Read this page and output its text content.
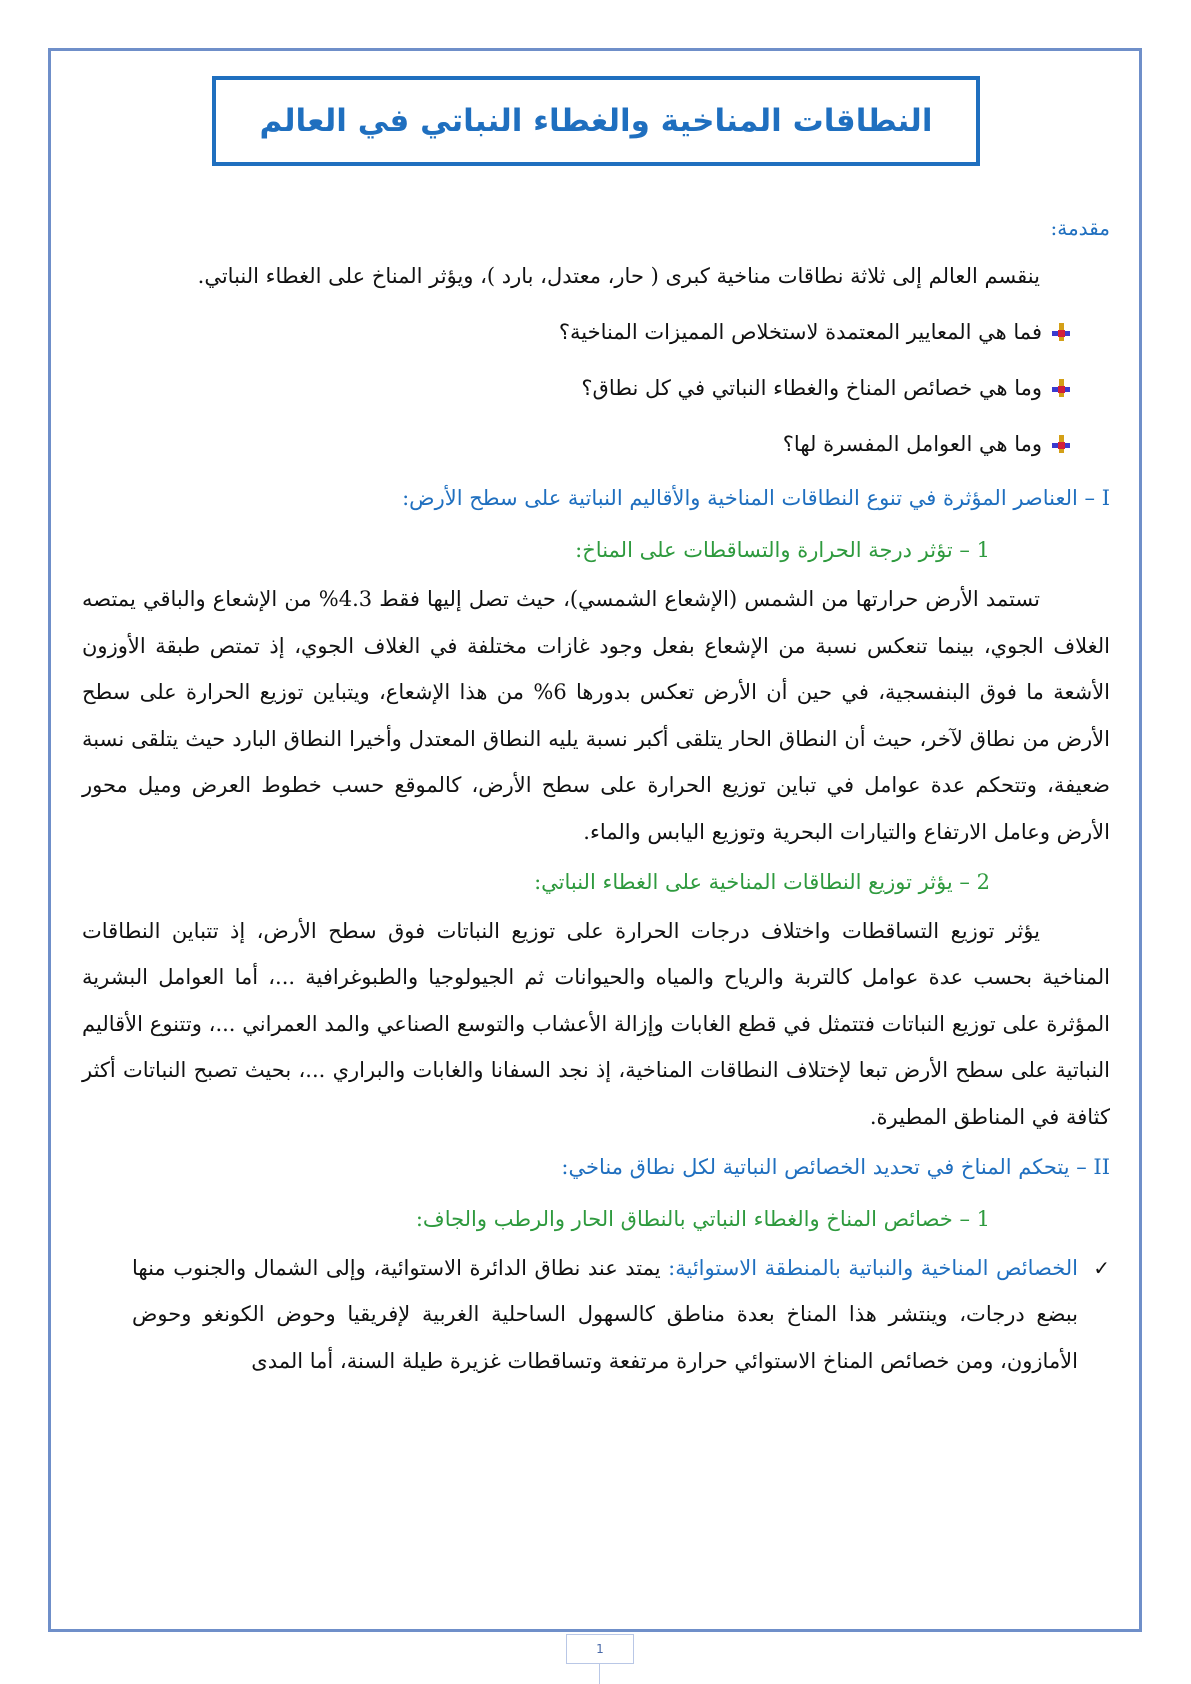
النطاقات المناخية والغطاء النباتي في العالم
مقدمة:
ينقسم العالم إلى ثلاثة نطاقات مناخية كبرى ( حار، معتدل، بارد )، ويؤثر المناخ على الغطاء النباتي.
فما هي المعايير المعتمدة لاستخلاص المميزات المناخية؟
وما هي خصائص المناخ والغطاء النباتي في كل نطاق؟
وما هي العوامل المفسرة لها؟
I – العناصر المؤثرة في تنوع النطاقات المناخية والأقاليم النباتية على سطح الأرض:
1 – تؤثر درجة الحرارة والتساقطات على المناخ:
تستمد الأرض حرارتها من الشمس (الإشعاع الشمسي)، حيث تصل إليها فقط 4.3% من الإشعاع والباقي يمتصه الغلاف الجوي، بينما تنعكس نسبة من الإشعاع بفعل وجود غازات مختلفة في الغلاف الجوي، إذ تمتص طبقة الأوزون الأشعة ما فوق البنفسجية، في حين أن الأرض تعكس بدورها 6% من هذا الإشعاع، ويتباين توزيع الحرارة على سطح الأرض من نطاق لآخر، حيث أن النطاق الحار يتلقى أكبر نسبة يليه النطاق المعتدل وأخيرا النطاق البارد حيث يتلقى نسبة ضعيفة، وتتحكم عدة عوامل في تباين توزيع الحرارة على سطح الأرض، كالموقع حسب خطوط العرض وميل محور الأرض وعامل الارتفاع والتيارات البحرية وتوزيع اليابس والماء.
2 – يؤثر توزيع النطاقات المناخية على الغطاء النباتي:
يؤثر توزيع التساقطات واختلاف درجات الحرارة على توزيع النباتات فوق سطح الأرض، إذ تتباين النطاقات المناخية بحسب عدة عوامل كالتربة والرياح والمياه والحيوانات ثم الجيولوجيا والطبوغرافية ...، أما العوامل البشرية المؤثرة على توزيع النباتات فتتمثل في قطع الغابات وإزالة الأعشاب والتوسع الصناعي والمد العمراني ...، وتتنوع الأقاليم النباتية على سطح الأرض تبعا لإختلاف النطاقات المناخية، إذ نجد السفانا والغابات والبراري ...، بحيث تصبح النباتات أكثر كثافة في المناطق المطيرة.
II – يتحكم المناخ في تحديد الخصائص النباتية لكل نطاق مناخي:
1 – خصائص المناخ والغطاء النباتي بالنطاق الحار والرطب والجاف:
✓
الخصائص المناخية والنباتية بالمنطقة الاستوائية: يمتد عند نطاق الدائرة الاستوائية، وإلى الشمال والجنوب منها ببضع درجات، وينتشر هذا المناخ بعدة مناطق كالسهول الساحلية الغربية لإفريقيا وحوض الكونغو وحوض الأمازون، ومن خصائص المناخ الاستوائي حرارة مرتفعة وتساقطات غزيرة طيلة السنة، أما المدى
1
